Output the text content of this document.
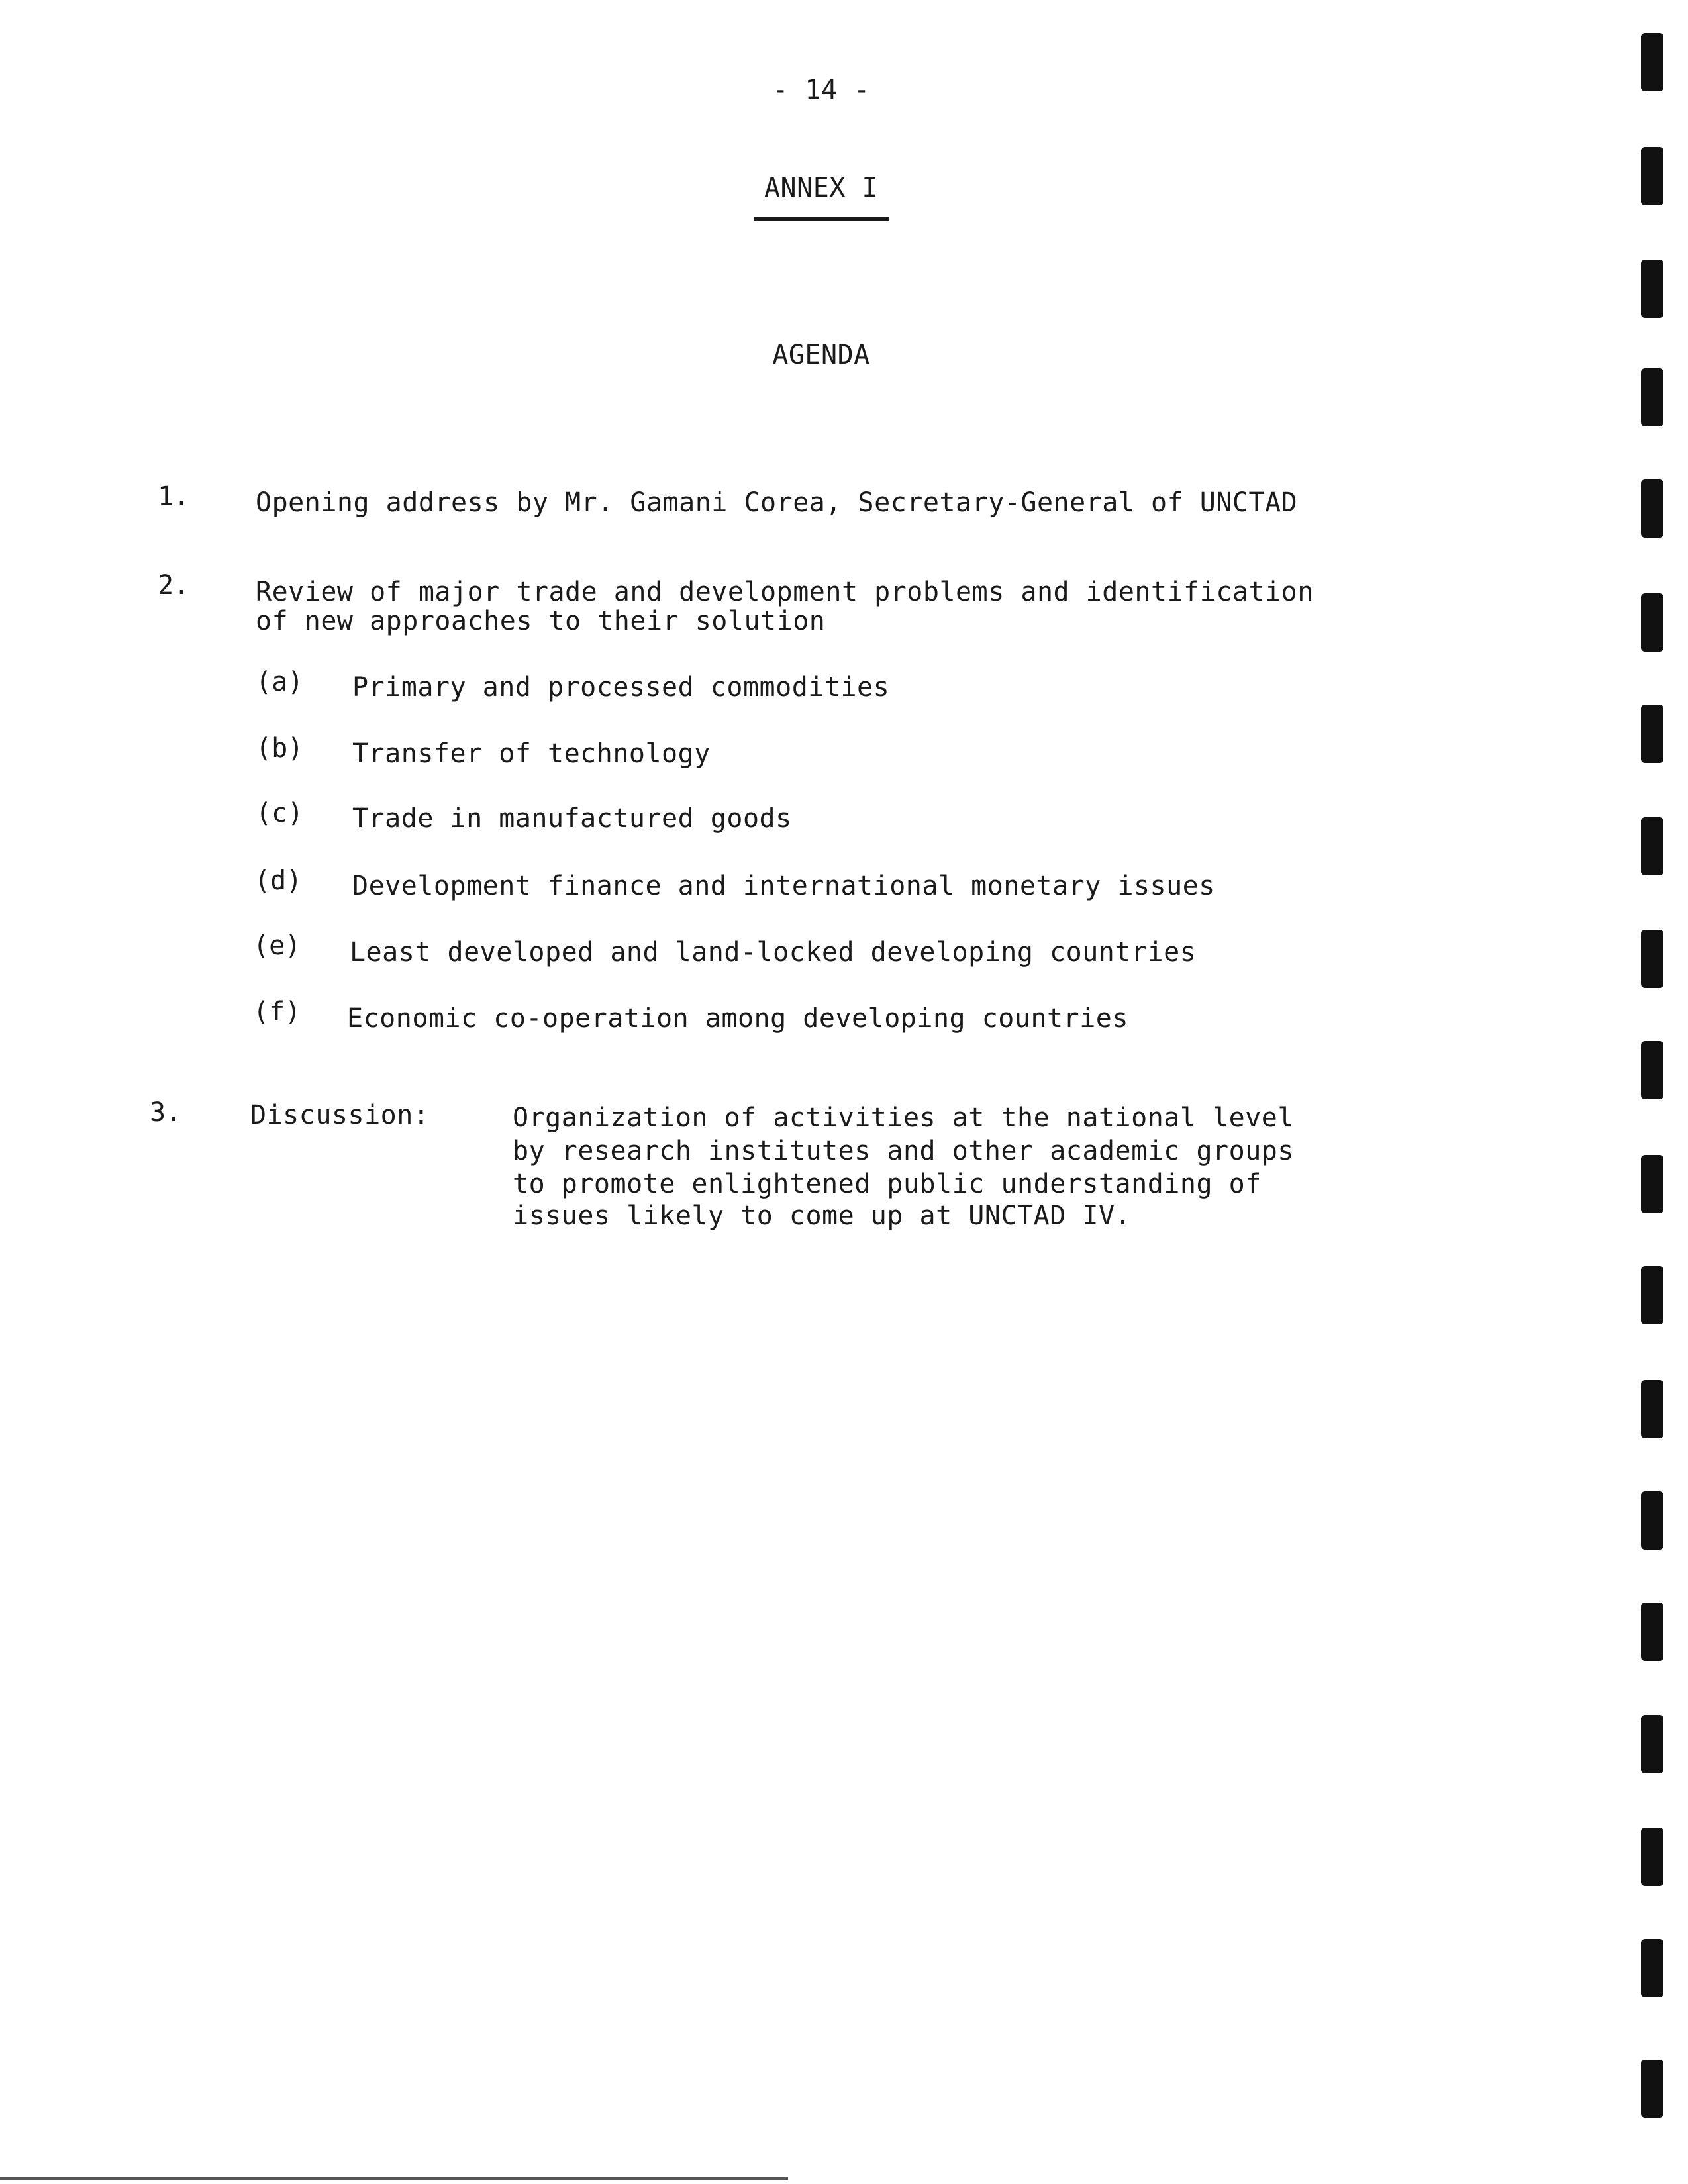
- 14 -
ANNEX I
AGENDA
1. Opening address by Mr. Gamani Corea, Secretary-General of UNCTAD
2. Review of major trade and development problems and identification
of new approaches to their solution
(a) Primary and processed commodities
(b) Transfer of technology
(c) Trade in manufactured goods
(d) Development finance and international monetary issues
(e) Least developed and land-locked developing countries
(f) Economic co-operation among developing countries
3.	Discussion:	Organization of activities at the national level
by research institutes and other academic groups
to promote enlightened public understanding of
issues likely to come up at UNCTAD IV.
